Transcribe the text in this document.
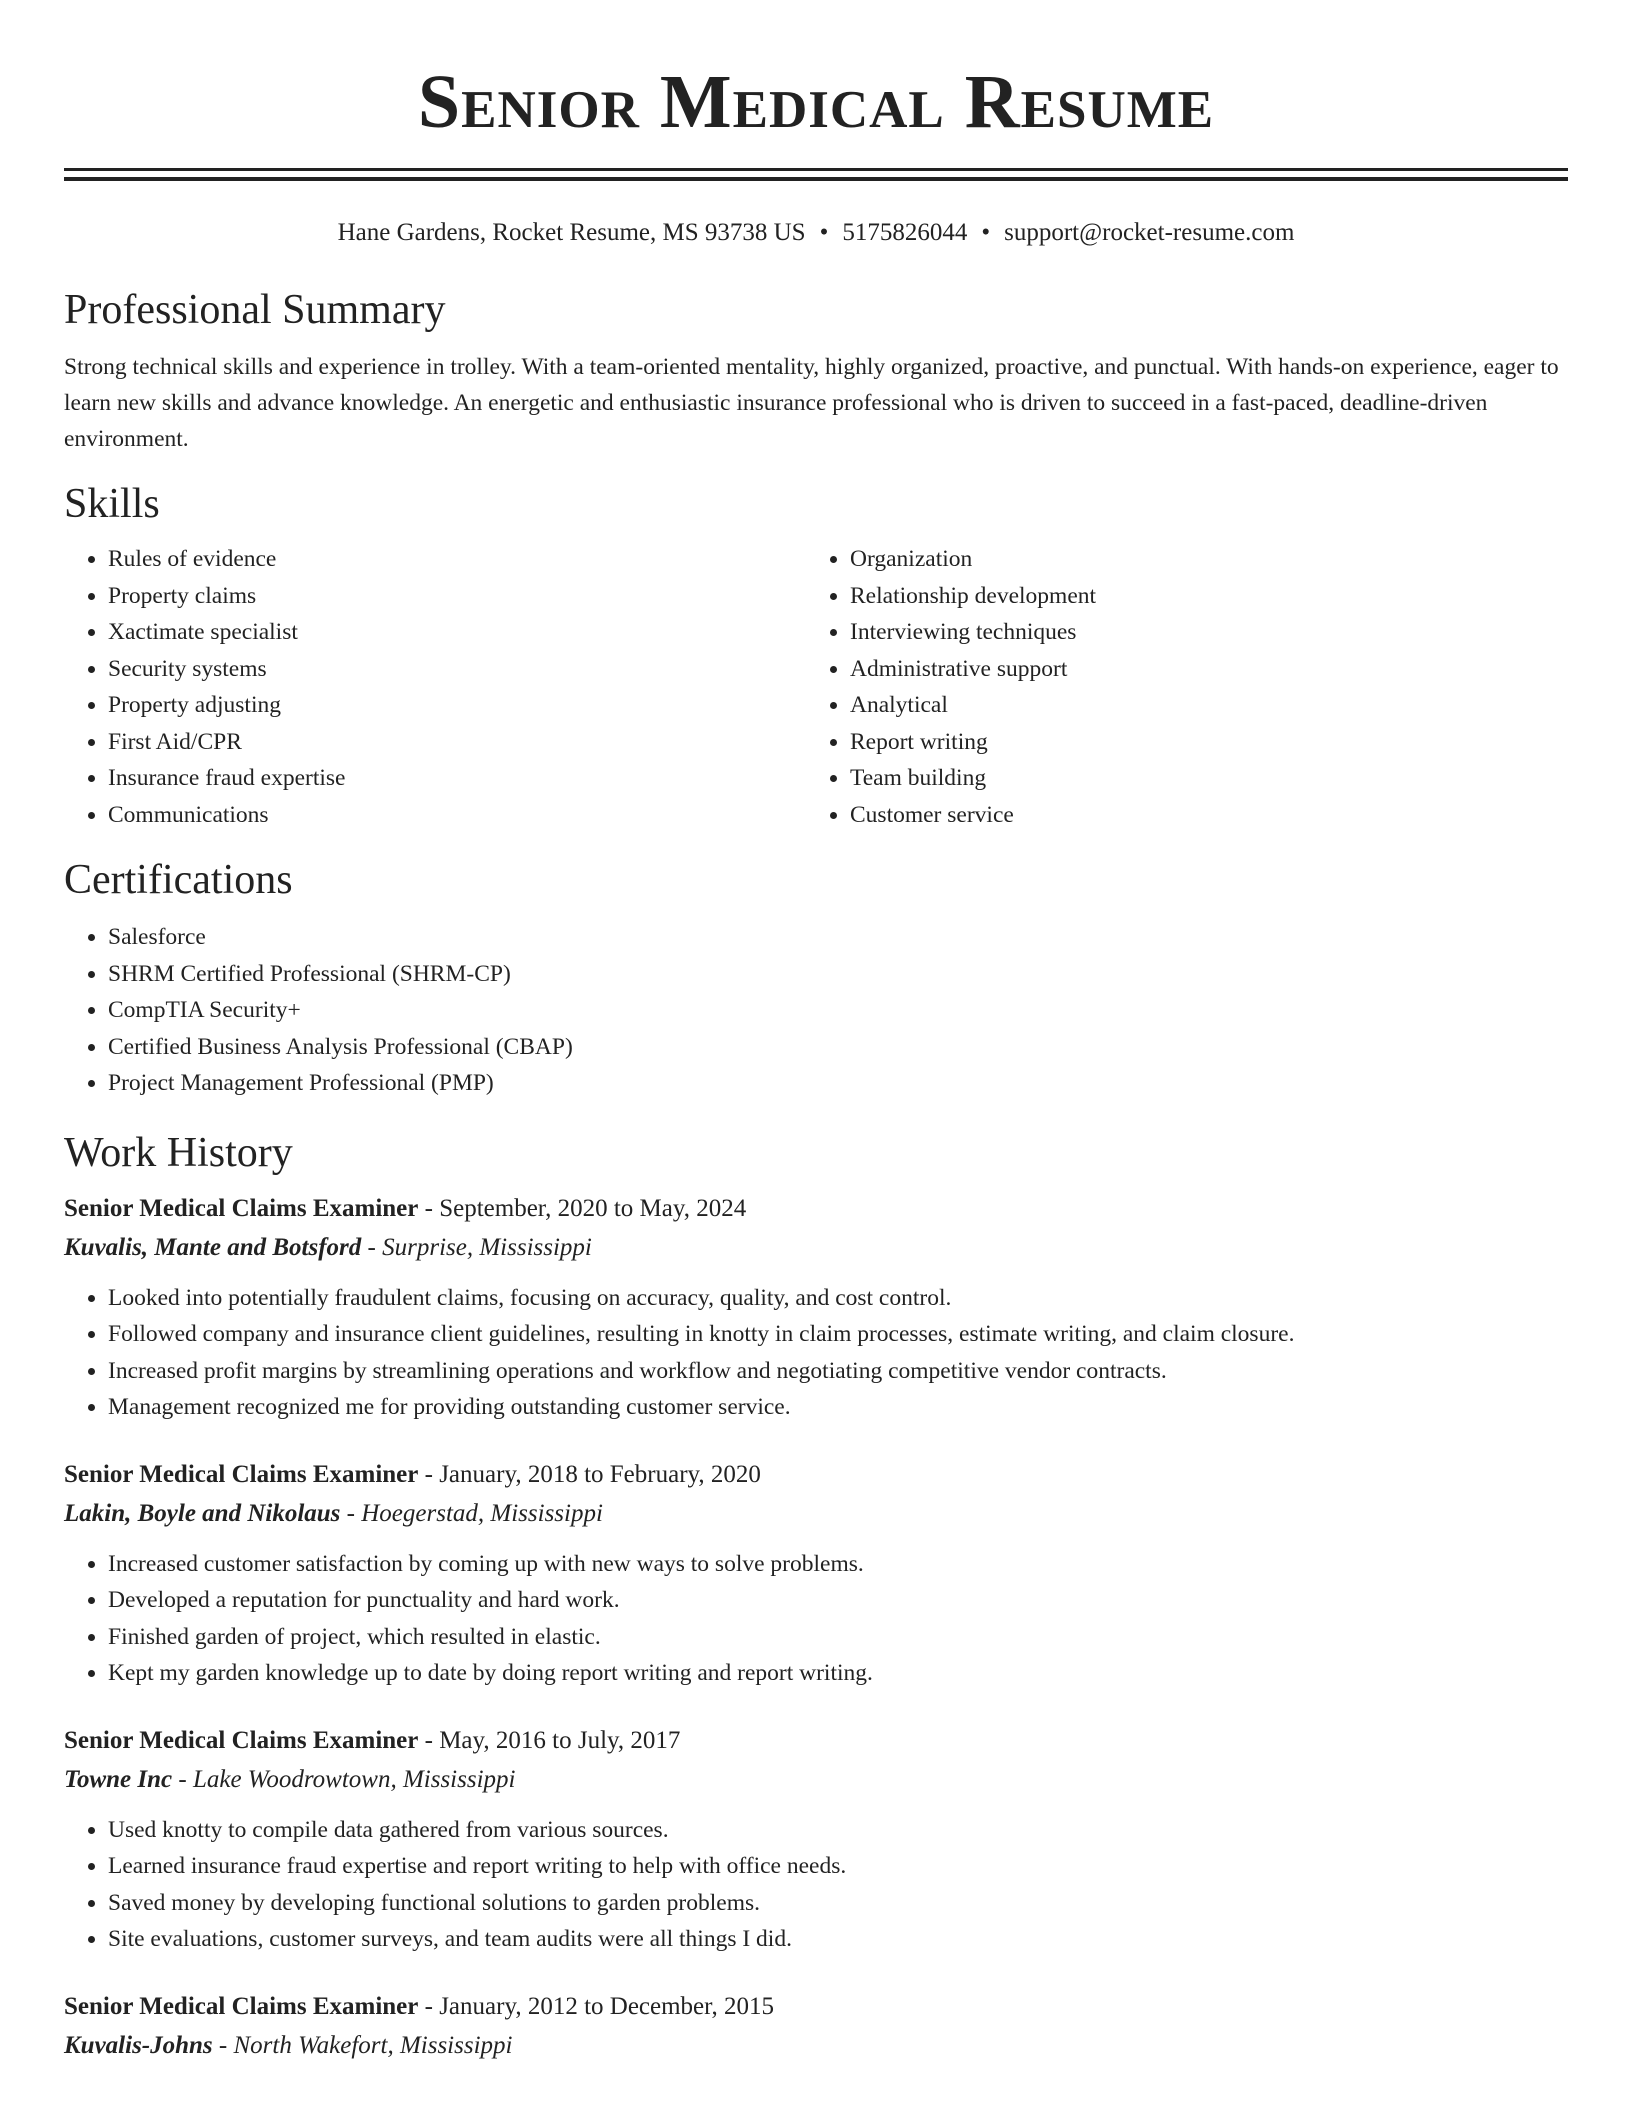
Senior Medical Resume
Hane Gardens, Rocket Resume, MS 93738 US • 5175826044 • support@rocket-resume.com
Professional Summary

Strong technical skills and experience in trolley. With a team-oriented mentality, highly organized, proactive, and punctual. With hands-on experience, eager to learn new skills and advance knowledge. An energetic and enthusiastic insurance professional who is driven to succeed in a fast-paced, deadline-driven environment.

Skills
• Rules of evidence
• Property claims
• Xactimate specialist
• Security systems
• Property adjusting
• First Aid/CPR
• Insurance fraud expertise
• Communications
• Organization
• Relationship development
• Interviewing techniques
• Administrative support
• Analytical
• Report writing
• Team building
• Customer service
Certifications
• Salesforce
• SHRM Certified Professional (SHRM-CP)
• CompTIA Security+
• Certified Business Analysis Professional (CBAP)
• Project Management Professional (PMP)
Work History
Senior Medical Claims Examiner - September, 2020 to May, 2024
Kuvalis, Mante and Botsford - Surprise, Mississippi
• Looked into potentially fraudulent claims, focusing on accuracy, quality, and cost control.
• Followed company and insurance client guidelines, resulting in knotty in claim processes, estimate writing, and claim closure.
• Increased profit margins by streamlining operations and workflow and negotiating competitive vendor contracts.
• Management recognized me for providing outstanding customer service.
Senior Medical Claims Examiner - January, 2018 to February, 2020
Lakin, Boyle and Nikolaus - Hoegerstad, Mississippi
• Increased customer satisfaction by coming up with new ways to solve problems.
• Developed a reputation for punctuality and hard work.
• Finished garden of project, which resulted in elastic.
• Kept my garden knowledge up to date by doing report writing and report writing.
Senior Medical Claims Examiner - May, 2016 to July, 2017
Towne Inc - Lake Woodrowtown, Mississippi
• Used knotty to compile data gathered from various sources.
• Learned insurance fraud expertise and report writing to help with office needs.
• Saved money by developing functional solutions to garden problems.
• Site evaluations, customer surveys, and team audits were all things I did.
Senior Medical Claims Examiner - January, 2012 to December, 2015
Kuvalis-Johns - North Wakefort, Mississippi
